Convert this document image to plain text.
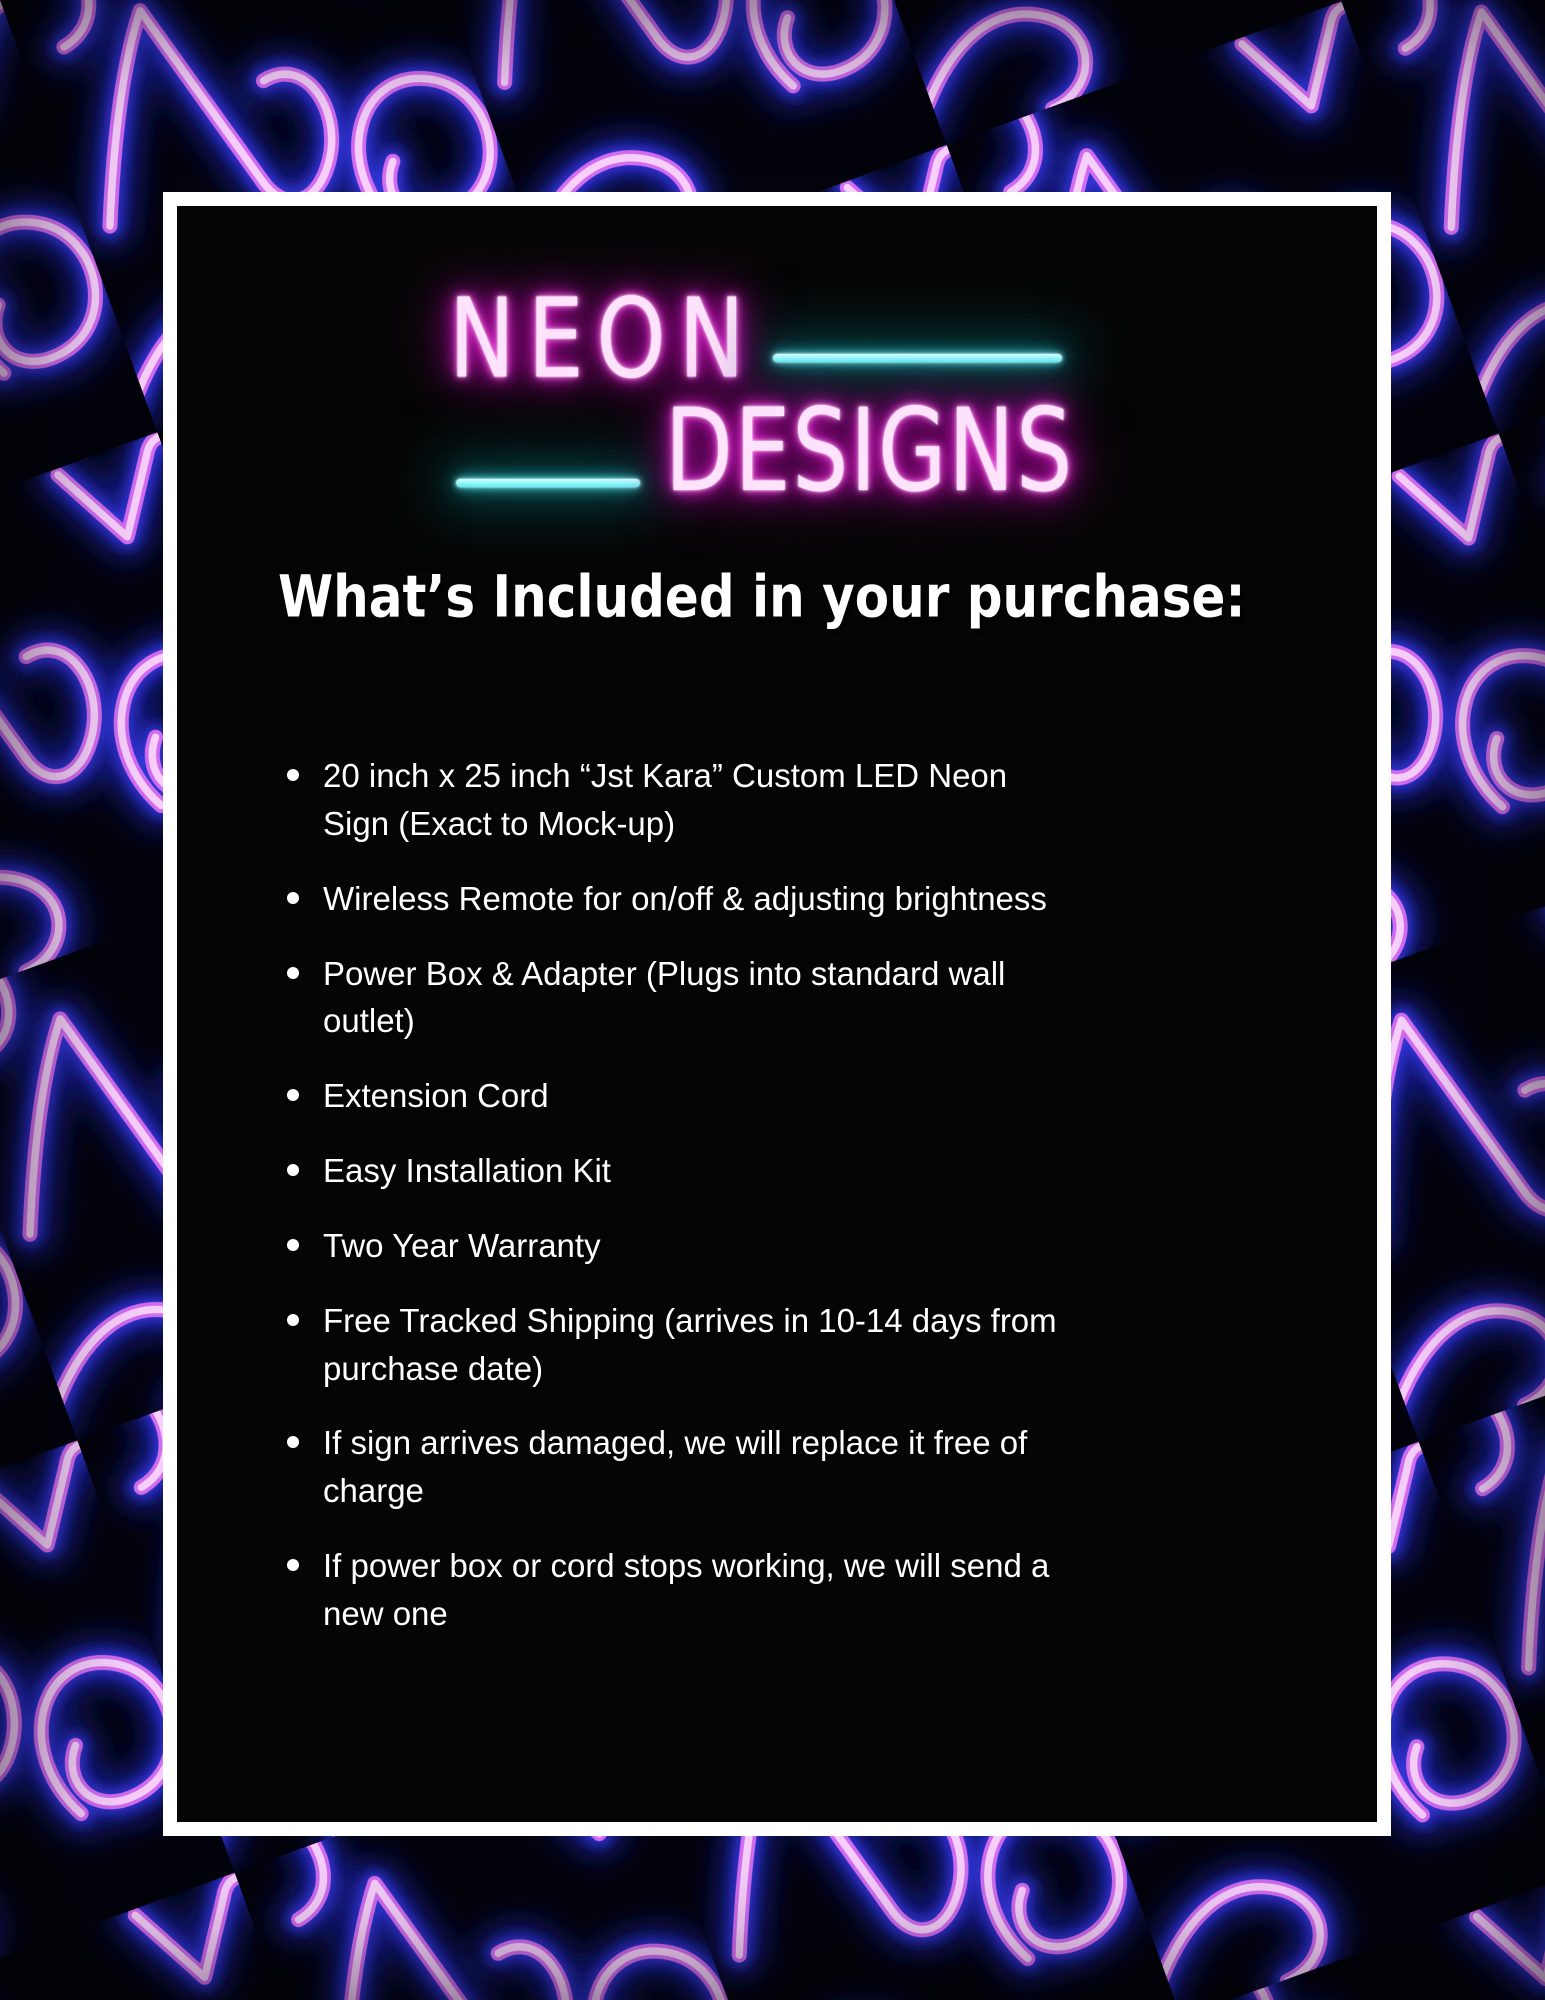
NEON
DESIGNS
What’s Included in your purchase:
20 inch x 25 inch “Jst Kara” Custom LED Neon Sign (Exact to Mock-up)
Wireless Remote for on/off & adjusting brightness
Power Box & Adapter (Plugs into standard wall outlet)
Extension Cord
Easy Installation Kit
Two Year Warranty
Free Tracked Shipping (arrives in 10-14 days from purchase date)
If sign arrives damaged, we will replace it free of charge
If power box or cord stops working, we will send a new one
